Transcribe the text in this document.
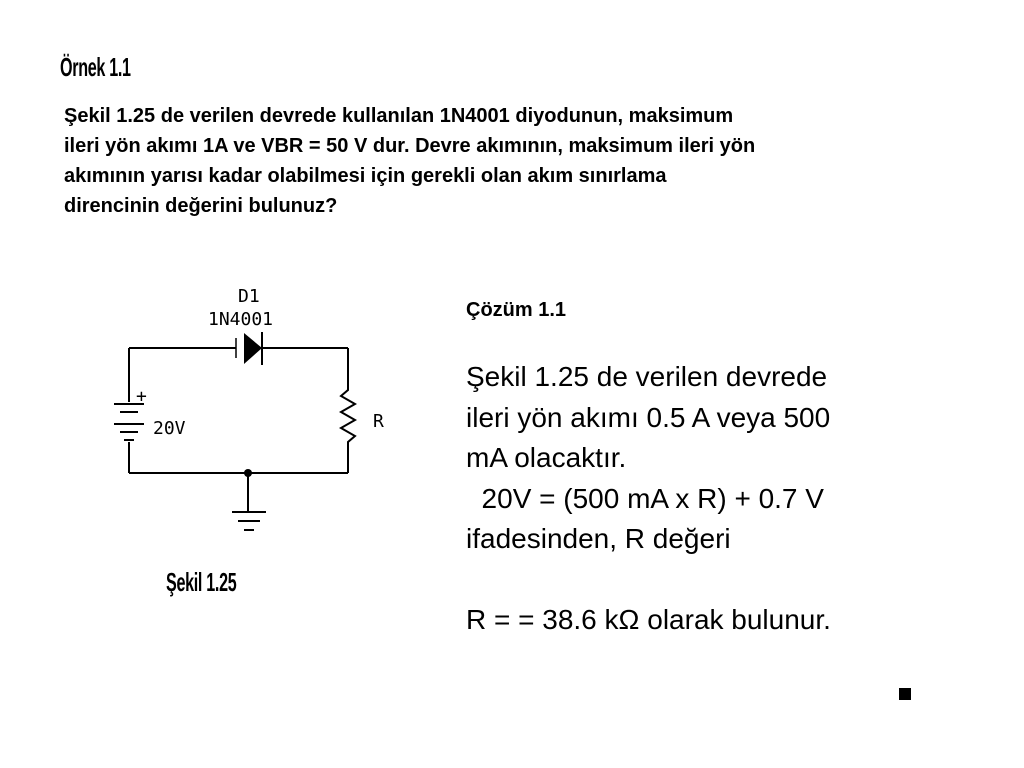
Örnek 1.1
Şekil 1.25 de verilen devrede kullanılan 1N4001 diyodunun, maksimum
ileri yön akımı 1A ve VBR = 50 V dur. Devre akımının, maksimum ileri yön
akımının yarısı kadar olabilmesi için gerekli olan akım sınırlama
direncinin değerini bulunuz?
D1
1N4001
+
20V	R
Şekil 1.25
Çözüm 1.1
Şekil 1.25 de verilen devrede
ileri yön akımı 0.5 A veya 500
mA olacaktır.
20V = (500 mA x R) + 0.7 V
ifadesinden, R değeri

R = = 38.6 kΩ olarak bulunur.
